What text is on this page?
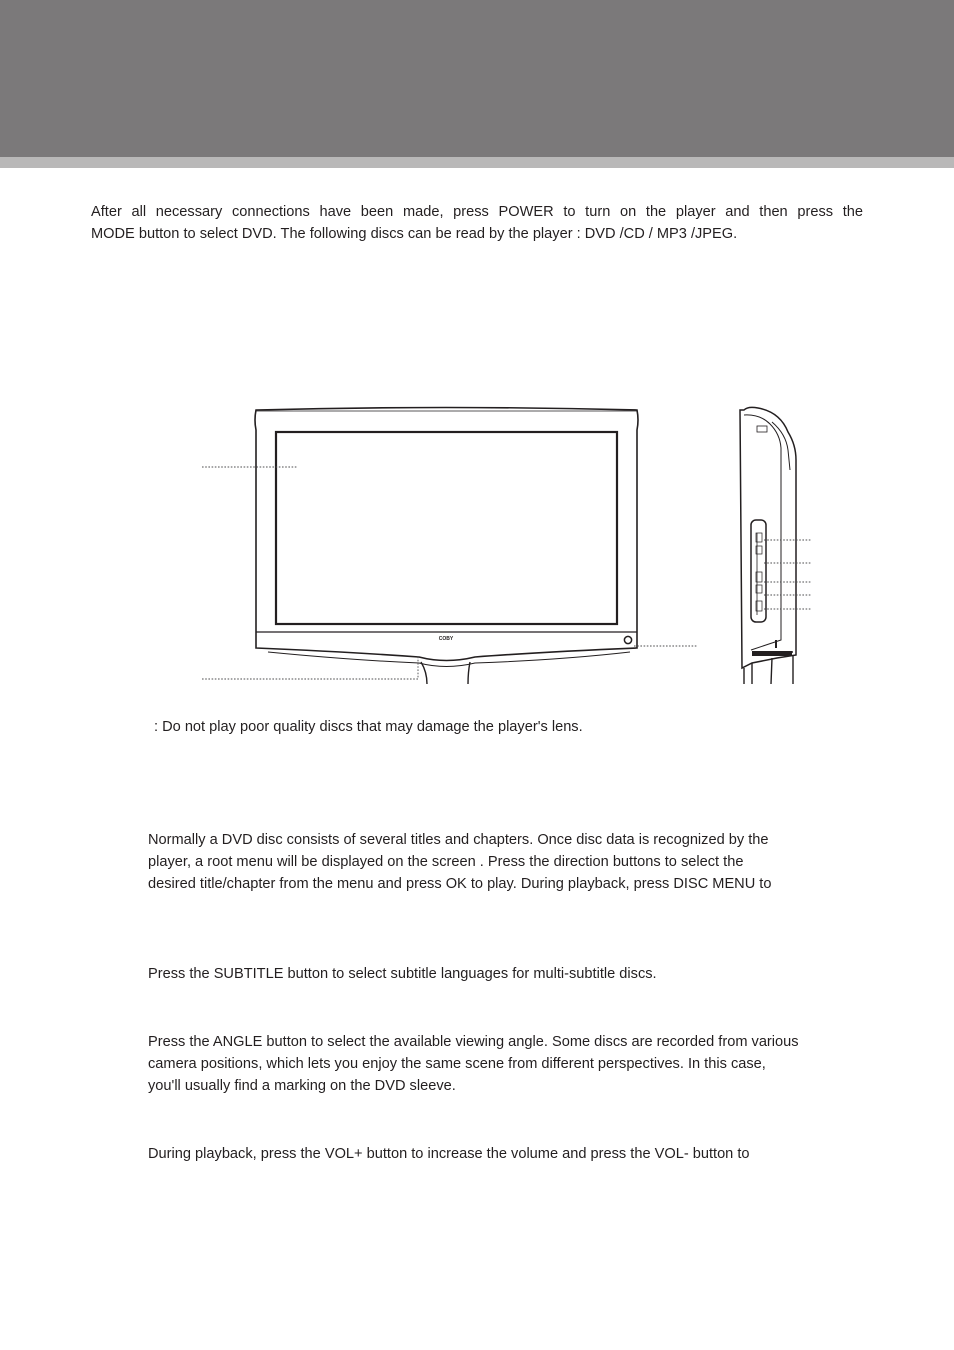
After all necessary connections have been made, press POWER to turn on the player and then press the
MODE button to select DVD. The following discs can be read by the player : DVD /CD / MP3 /JPEG.

COBY

: Do not play poor quality discs that may damage the player's lens.

Normally a DVD disc consists of several titles and chapters. Once disc data is recognized by the
player, a root menu will be displayed on the screen . Press the direction buttons to select the
desired title/chapter from the menu and press OK to play. During playback, press DISC MENU to

Press the SUBTITLE button to select subtitle languages for multi-subtitle discs.

Press the ANGLE button to select the available viewing angle. Some discs are recorded from various
camera positions, which lets you enjoy the same scene from different perspectives. In this case,
you'll usually find a marking on the DVD sleeve.

During playback, press the VOL+ button to increase the volume and press the VOL- button to
